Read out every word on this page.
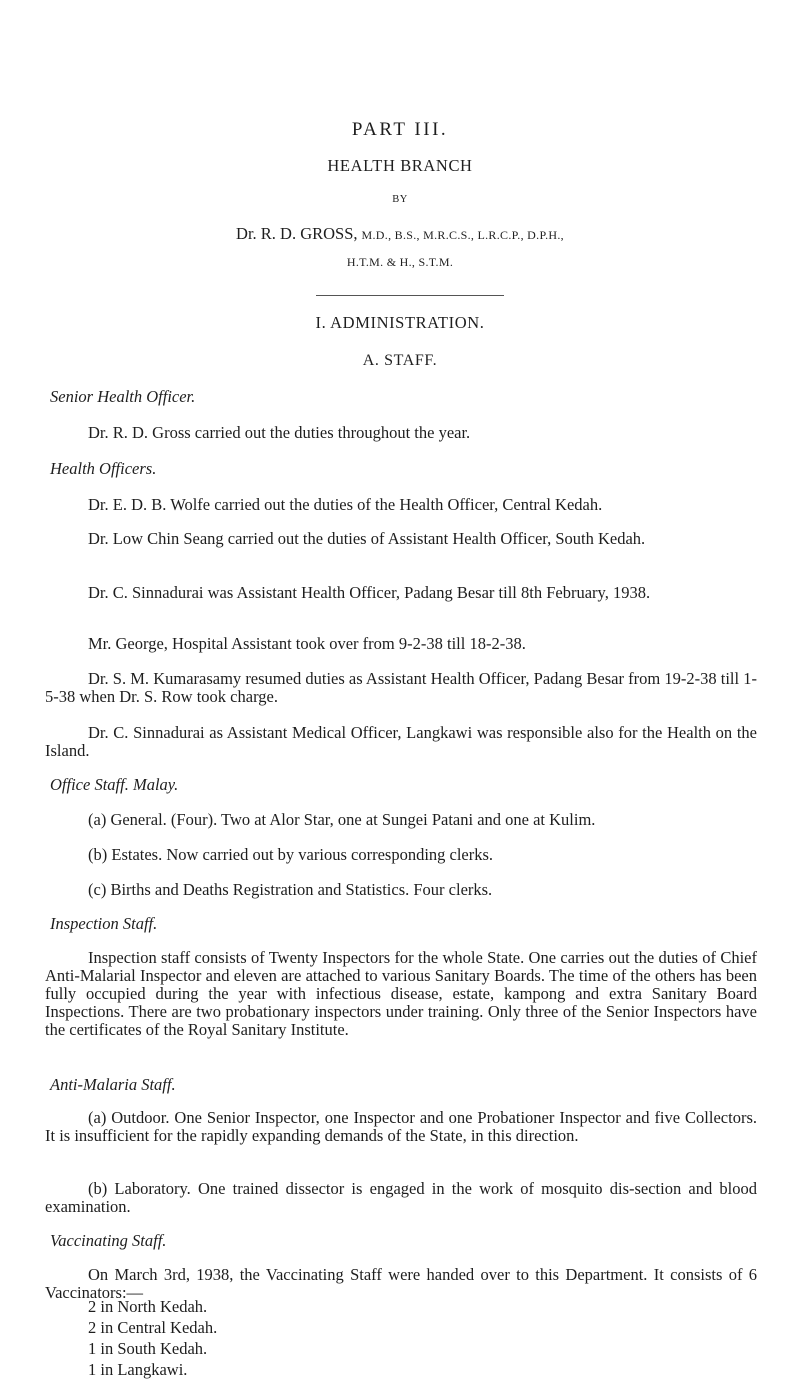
PART III.
HEALTH BRANCH
BY
Dr. R. D. GROSS, M.D., B.S., M.R.C.S., L.R.C.P., D.P.H.,
H.T.M. & H., S.T.M.
I. ADMINISTRATION.
A. STAFF.
Senior Health Officer.
Dr. R. D. Gross carried out the duties throughout the year.
Health Officers.
Dr. E. D. B. Wolfe carried out the duties of the Health Officer, Central Kedah.

Dr. Low Chin Seang carried out the duties of Assistant Health Officer, South Kedah.

Dr. C. Sinnadurai was Assistant Health Officer, Padang Besar till 8th February, 1938.

Mr. George, Hospital Assistant took over from 9-2-38 till 18-2-38.

Dr. S. M. Kumarasamy resumed duties as Assistant Health Officer, Padang Besar from 19-2-38 till 1-5-38 when Dr. S. Row took charge.

Dr. C. Sinnadurai as Assistant Medical Officer, Langkawi was responsible also for the Health on the Island.

Office Staff. Malay.
(a) General. (Four). Two at Alor Star, one at Sungei Patani and one at Kulim.
(b) Estates. Now carried out by various corresponding clerks.
(c) Births and Deaths Registration and Statistics. Four clerks.
Inspection Staff.

Inspection staff consists of Twenty Inspectors for the whole State. One carries out the duties of Chief Anti-Malarial Inspector and eleven are attached to various Sanitary Boards. The time of the others has been fully occupied during the year with infectious disease, estate, kampong and extra Sanitary Board Inspections. There are two probationary inspectors under training. Only three of the Senior Inspectors have the certificates of the Royal Sanitary Institute.

Anti-Malaria Staff.

(a) Outdoor. One Senior Inspector, one Inspector and one Probationer Inspector and five Collectors. It is insufficient for the rapidly expanding demands of the State, in this direction.

(b) Laboratory. One trained dissector is engaged in the work of mosquito dis-section and blood examination.

Vaccinating Staff.

On March 3rd, 1938, the Vaccinating Staff were handed over to this Department. It consists of 6 Vaccinators:—

2 in North Kedah.
2 in Central Kedah.
1 in South Kedah.
1 in Langkawi.
